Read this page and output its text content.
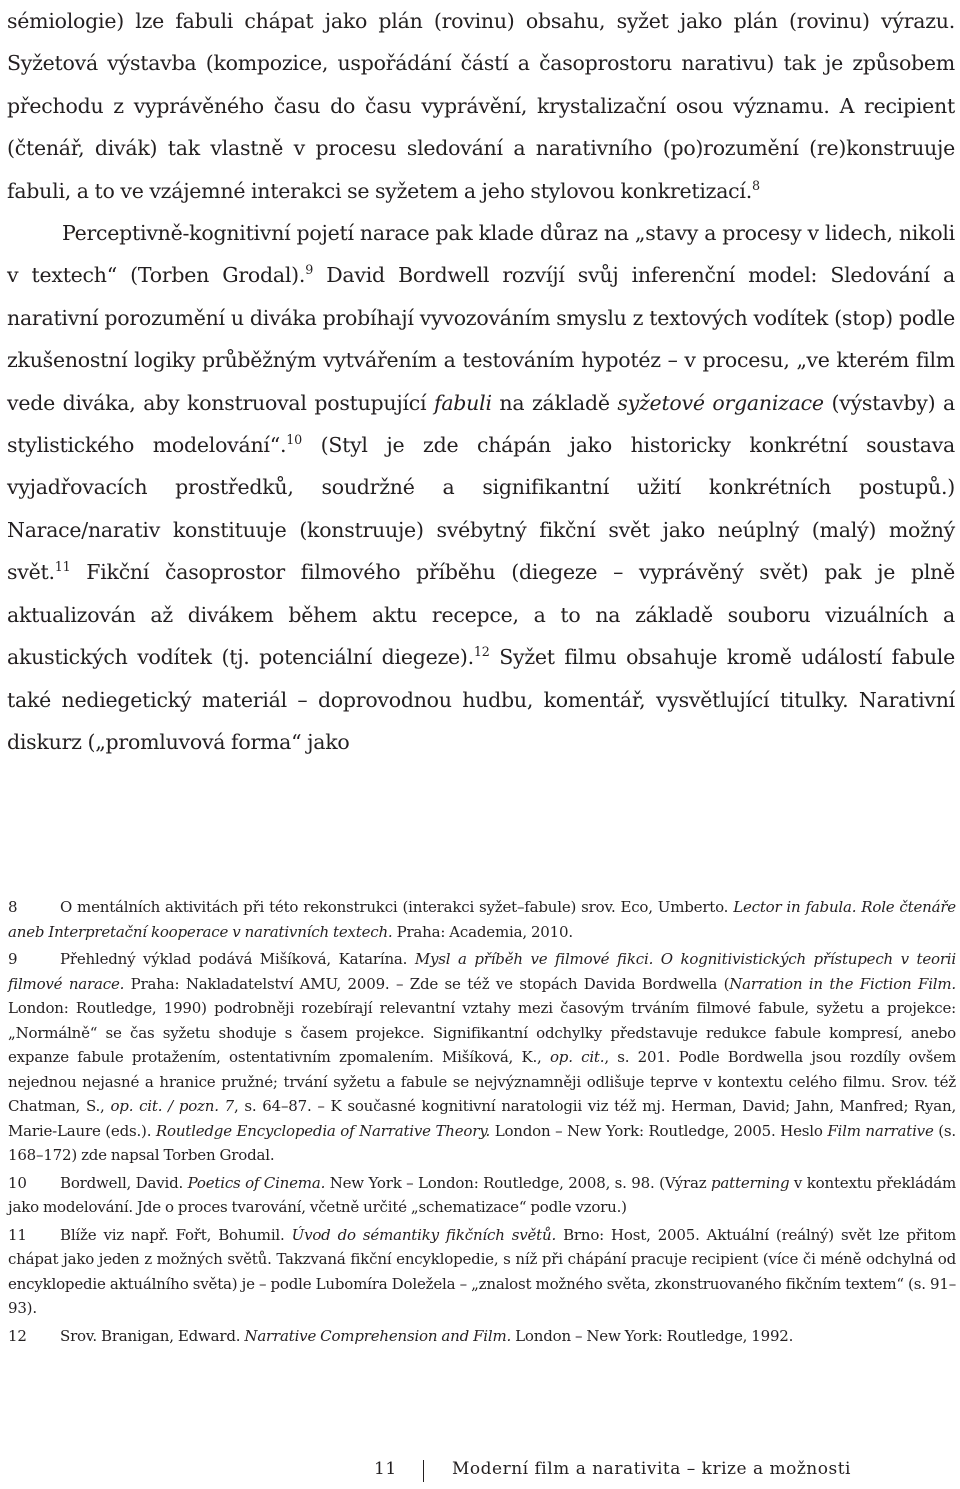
sémiologie) lze fabuli chápat jako plán (rovinu) obsahu, syžet jako plán (rovinu) výrazu. Syžetová výstavba (kompozice, uspořádání částí a časoprostoru narativu) tak je způsobem přechodu z vyprávěného času do času vyprávění, krystalizační osou významu. A recipient (čtenář, divák) tak vlastně v procesu sledování a narativního (po)rozumění (re)konstruuje fabuli, a to ve vzájemné interakci se syžetem a jeho stylovou konkretizací.$^8$

Perceptivně-kognitivní pojetí narace pak klade důraz na „stavy a procesy v lidech, nikoli v textech“ (Torben Grodal).$^9$ David Bordwell rozvíjí svůj inferenční model: Sledování a narativní porozumění u diváka probíhají vyvozováním smyslu z textových vodítek (stop) podle zkušenostní logiky průběžným vytvářením a testováním hypotéz – v procesu, „ve kterém film vede diváka, aby konstruoval postupující fabuli na základě syžetové organizace (výstavby) a stylistického modelování“.$^{10}$ (Styl je zde chápán jako historicky konkrétní soustava vyjadřovacích prostředků, soudržné a signifikantní užití konkrétních postupů.) Narace/narativ konstituuje (konstruuje) svébytný fikční svět jako neúplný (malý) možný svět.$^{11}$ Fikční časoprostor filmového příběhu (diegeze – vyprávěný svět) pak je plně aktualizován až divákem během aktu recepce, a to na základě souboru vizuálních a akustických vodítek (tj. potenciální diegeze).$^{12}$ Syžet filmu obsahuje kromě událostí fabule také nediegetický materiál – doprovodnou hudbu, komentář, vysvětlující titulky. Narativní diskurz („promluvová forma“ jako

8	O mentálních aktivitách při této rekonstrukci (interakci syžet–fabule) srov. Eco, Umberto. Lector in fabula. Role čtenáře aneb Interpretační kooperace v narativních textech. Praha: Academia, 2010.

9	Přehledný výklad podává Mišíková, Katarína. Mysl a příběh ve filmové fikci. O kognitivistických přístupech v teorii filmové narace. Praha: Nakladatelství AMU, 2009. – Zde se též ve stopách Davida Bordwella (Narration in the Fiction Film. London: Routledge, 1990) podrobněji rozebírají relevantní vztahy mezi časovým trváním filmové fabule, syžetu a projekce: „Normálně“ se čas syžetu shoduje s časem projekce. Signifikantní odchylky představuje redukce fabule kompresí, anebo expanze fabule protažením, ostentativním zpomalením. Mišíková, K., op. cit., s. 201. Podle Bordwella jsou rozdíly ovšem nejednou nejasné a hranice pružné; trvání syžetu a fabule se nejvýznamněji odlišuje teprve v kontextu celého filmu. Srov. též Chatman, S., op. cit. / pozn. 7, s. 64–87. – K současné kognitivní naratologii viz též mj. Herman, David; Jahn, Manfred; Ryan, Marie-Laure (eds.). Routledge Encyclopedia of Narrative Theory. London – New York: Routledge, 2005. Heslo Film narrative (s. 168–172) zde napsal Torben Grodal.

10 Bordwell, David. Poetics of Cinema. New York – London: Routledge, 2008, s. 98. (Výraz patterning v kontextu překládám jako modelování. Jde o proces tvarování, včetně určité „schematizace“ podle vzoru.)

11 Blíže viz např. Fořt, Bohumil. Úvod do sémantiky fikčních světů. Brno: Host, 2005. Aktuální (reálný) svět lze přitom chápat jako jeden z možných světů. Takzvaná fikční encyklopedie, s níž při chápání pracuje recipient (více či méně odchylná od encyklopedie aktuálního světa) je – podle Lubomíra Doležela – „znalost možného světa, zkonstruovaného fikčním textem“ (s. 91–93).

12 Srov. Branigan, Edward. Narrative Comprehension and Film. London – New York: Routledge, 1992.

11	Moderní film a narativita – krize a možnosti
